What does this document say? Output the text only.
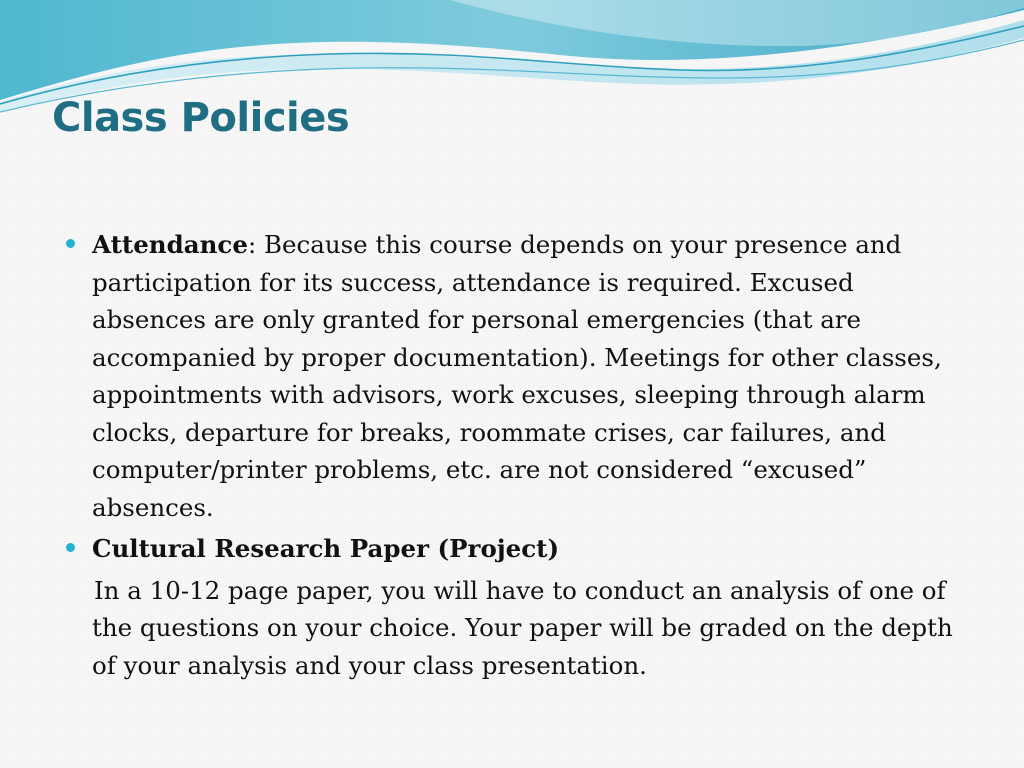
Class Policies

Attendance: Because this course depends on your presence and participation for its success, attendance is required. Excused absences are only granted for personal emergencies (that are accompanied by proper documentation). Meetings for other classes, appointments with advisors, work excuses, sleeping through alarm clocks, departure for breaks, roommate crises, car failures, and computer/printer problems, etc. are not considered “excused” absences.

Cultural Research Paper (Project)

In a 10-12 page paper, you will have to conduct an analysis of one of the questions on your choice. Your paper will be graded on the depth of your analysis and your class presentation.
